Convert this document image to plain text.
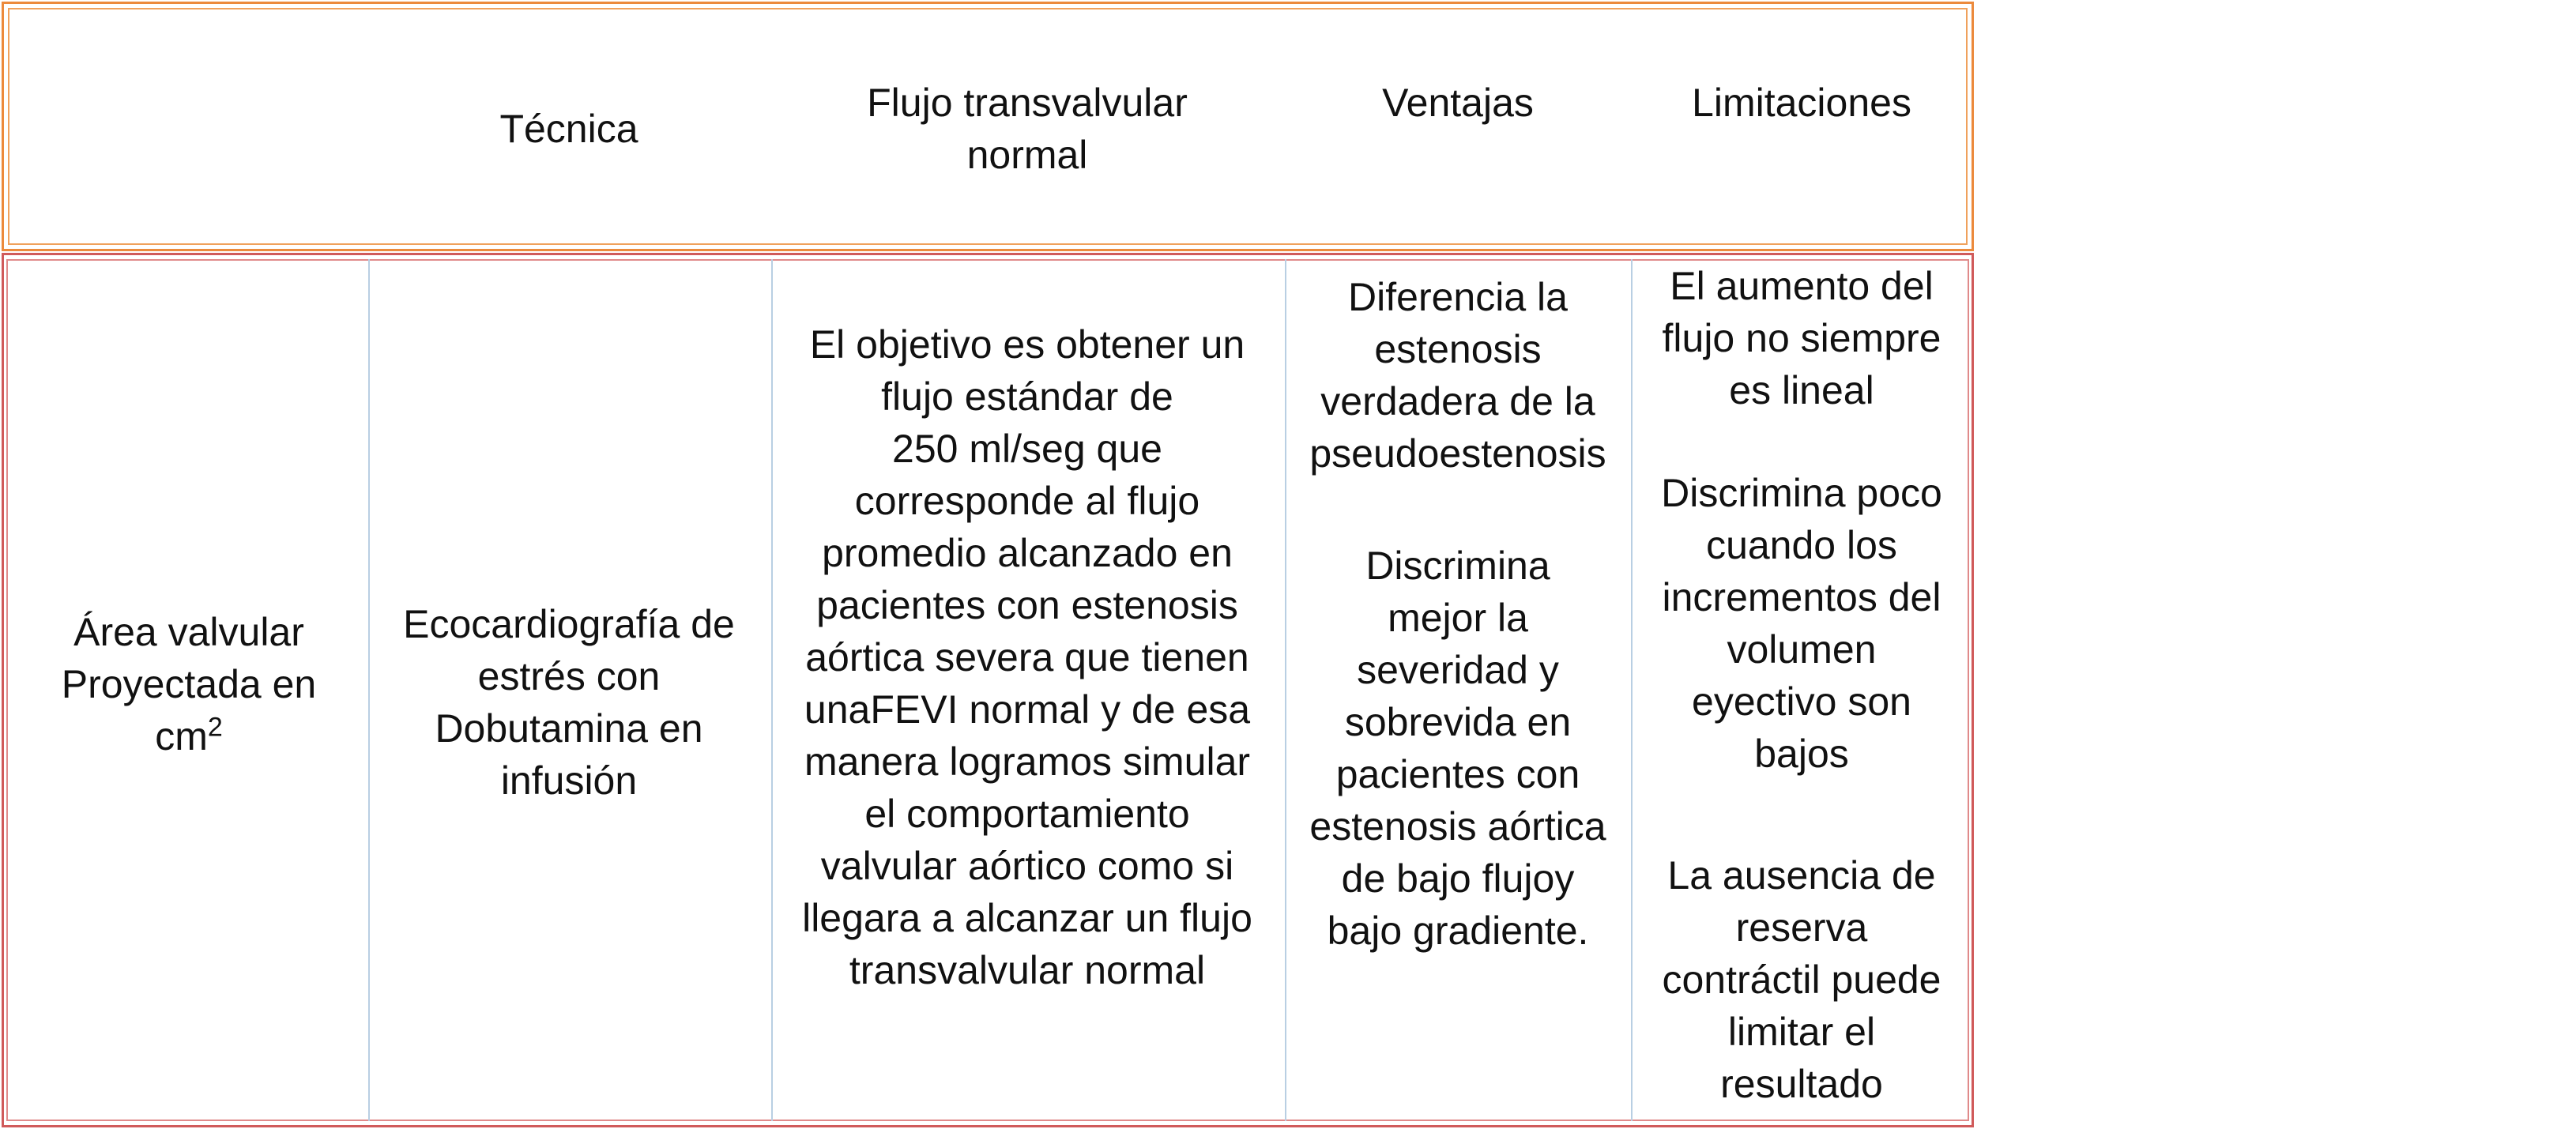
Técnica
Flujo transvalvular
normal
Ventajas	Limitaciones
Área valvular
Proyectada en
$cm^2$
Ecocardiografía de
estrés con
Dobutamina en
infusión
El objetivo es obtener un
flujo estándar de
250 ml/seg que
corresponde al flujo
promedio alcanzado en
pacientes con estenosis
aórtica severa que tienen
unaFEVI normal y de esa
manera logramos simular
el comportamiento
valvular aórtico como si
llegara a alcanzar un flujo
transvalvular normal
Diferencia la
estenosis
verdadera de la
pseudoestenosis
Discrimina
mejor la
severidad y
sobrevida en
pacientes con
estenosis aórtica
de bajo flujoy
bajo gradiente.
El aumento del
flujo no siempre
es lineal
Discrimina poco
cuando los
incrementos del
volumen
eyectivo son
bajos
La ausencia de
reserva
contráctil puede
limitar el
resultado
